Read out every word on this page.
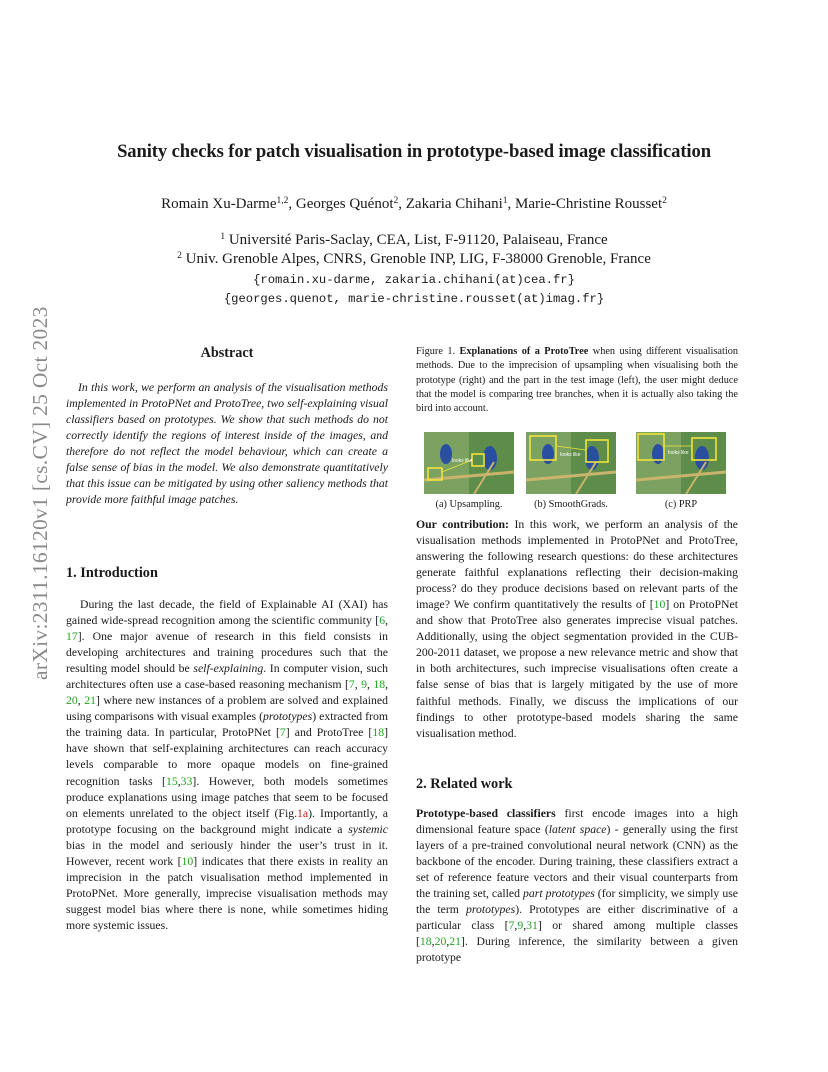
arXiv:2311.16120v1 [cs.CV] 25 Oct 2023
Sanity checks for patch visualisation in prototype-based image classification
Romain Xu-Darme$^{1,2}$, Georges Quénot$^2$, Zakaria Chihani$^1$, Marie-Christine Rousset$^2$
$^1$ Université Paris-Saclay, CEA, List, F-91120, Palaiseau, France
$^2$ Univ. Grenoble Alpes, CNRS, Grenoble INP, LIG, F-38000 Grenoble, France
{romain.xu-darme, zakaria.chihani(at)cea.fr}
{georges.quenot, marie-christine.rousset(at)imag.fr}
Abstract
In this work, we perform an analysis of the visualisation methods implemented in ProtoPNet and ProtoTree, two self-explaining visual classifiers based on prototypes. We show that such methods do not correctly identify the regions of interest inside of the images, and therefore do not reflect the model behaviour, which can create a false sense of bias in the model. We also demonstrate quantitatively that this issue can be mitigated by using other saliency methods that provide more faithful image patches.
1. Introduction
During the last decade, the field of Explainable AI (XAI) has gained wide-spread recognition among the scientific community [6, 17]. One major avenue of research in this field consists in developing architectures and training procedures such that the resulting model should be self-explaining. In computer vision, such architectures often use a case-based reasoning mechanism [7, 9, 18, 20, 21] where new instances of a problem are solved and explained using comparisons with visual examples (prototypes) extracted from the training data. In particular, ProtoPNet [7] and ProtoTree [18] have shown that self-explaining architectures can reach accuracy levels comparable to more opaque models on fine-grained recognition tasks [15,33]. However, both models sometimes produce explanations using image patches that seem to be focused on elements unrelated to the object itself (Fig.1a). Importantly, a prototype focusing on the background might indicate a systemic bias in the model and seriously hinder the user’s trust in it. However, recent work [10] indicates that there exists in reality an imprecision in the patch visualisation method implemented in ProtoPNet. More generally, imprecise visualisation methods may suggest model bias where there is none, while sometimes hiding more systemic issues.
Figure 1. Explanations of a ProtoTree when using different visualisation methods. Due to the imprecision of upsampling when visualising both the prototype (right) and the part in the test image (left), the user might deduce that the model is comparing tree branches, when it is actually also taking the bird into account.
looks like
looks like	looks like
(a) Upsampling.	(b) SmoothGrads.	(c) PRP
Our contribution: In this work, we perform an analysis of the visualisation methods implemented in ProtoPNet and ProtoTree, answering the following research questions: do these architectures generate faithful explanations reflecting their decision-making process? do they produce decisions based on relevant parts of the image? We confirm quantitatively the results of [10] on ProtoPNet and show that ProtoTree also generates imprecise visual patches. Additionally, using the object segmentation provided in the CUB-200-2011 dataset, we propose a new relevance metric and show that in both architectures, such imprecise visualisations often create a false sense of bias that is largely mitigated by the use of more faithful methods. Finally, we discuss the implications of our findings to other prototype-based models sharing the same visualisation method.
2. Related work
Prototype-based classifiers first encode images into a high dimensional feature space (latent space) - generally using the first layers of a pre-trained convolutional neural network (CNN) as the backbone of the encoder. During training, these classifiers extract a set of reference feature vectors and their visual counterparts from the training set, called part prototypes (for simplicity, we simply use the term prototypes). Prototypes are either discriminative of a particular class [7,9,31] or shared among multiple classes [18,20,21]. During inference, the similarity between a given prototype
